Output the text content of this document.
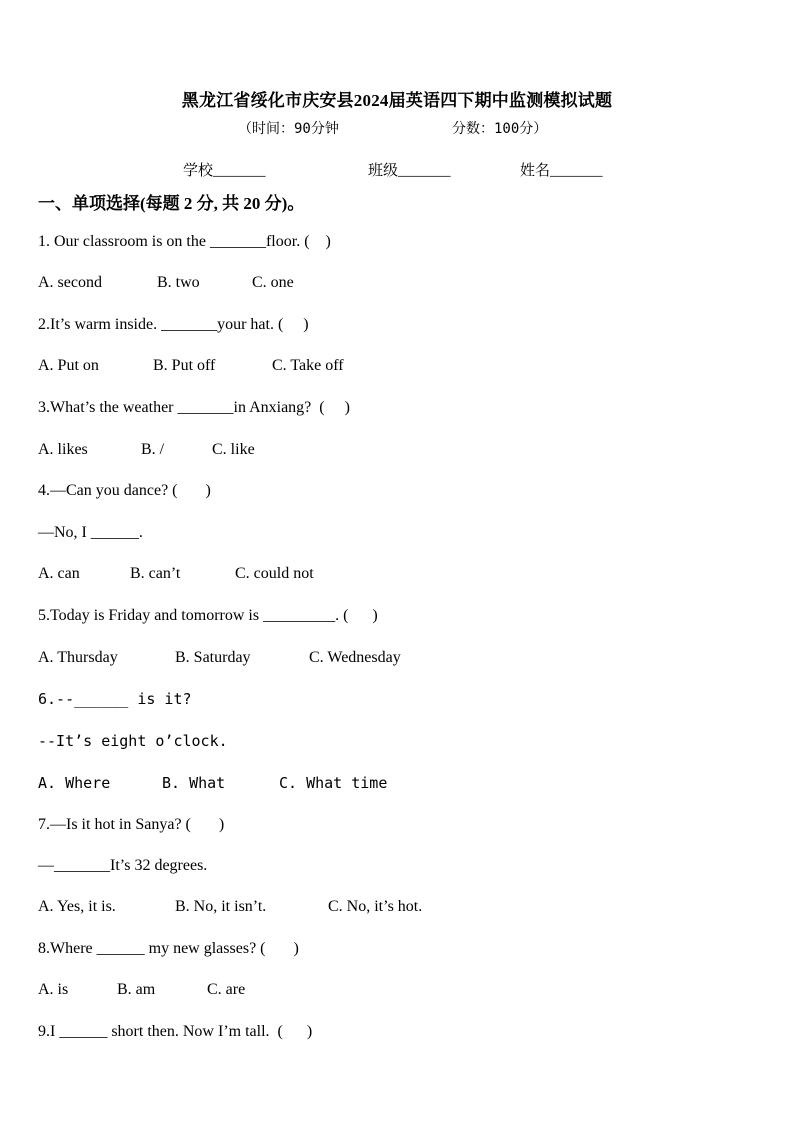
黑龙江省绥化市庆安县2024届英语四下期中监测模拟试题
（时间：90分钟	分数：100分）
学校_______	班级_______	姓名_______
一、单项选择(每题 2 分, 共 20 分)。
1. Our classroom is on the _______floor. (    )
A. second	B. two	C. one
2.It’s warm inside. _______your hat. (     )
A. Put on	B. Put off	C. Take off
3.What’s the weather _______in Anxiang?  (     )
A. likes	B. /	C. like
4.—Can you dance? (       )
—No, I ______.
A. can	B. can’t	C. could not
5.Today is Friday and tomorrow is _________. (      )
A. Thursday	B. Saturday	C. Wednesday
6.--______ is it?
--It’s eight o’clock.
A. Where	B. What	C. What time
7.—Is it hot in Sanya? (       )
—_______It’s 32 degrees.
A. Yes, it is.	B. No, it isn’t.	C. No, it’s hot.
8.Where ______ my new glasses? (       )
A. is	B. am	C. are
9.I ______ short then. Now I’m tall.  (      )
